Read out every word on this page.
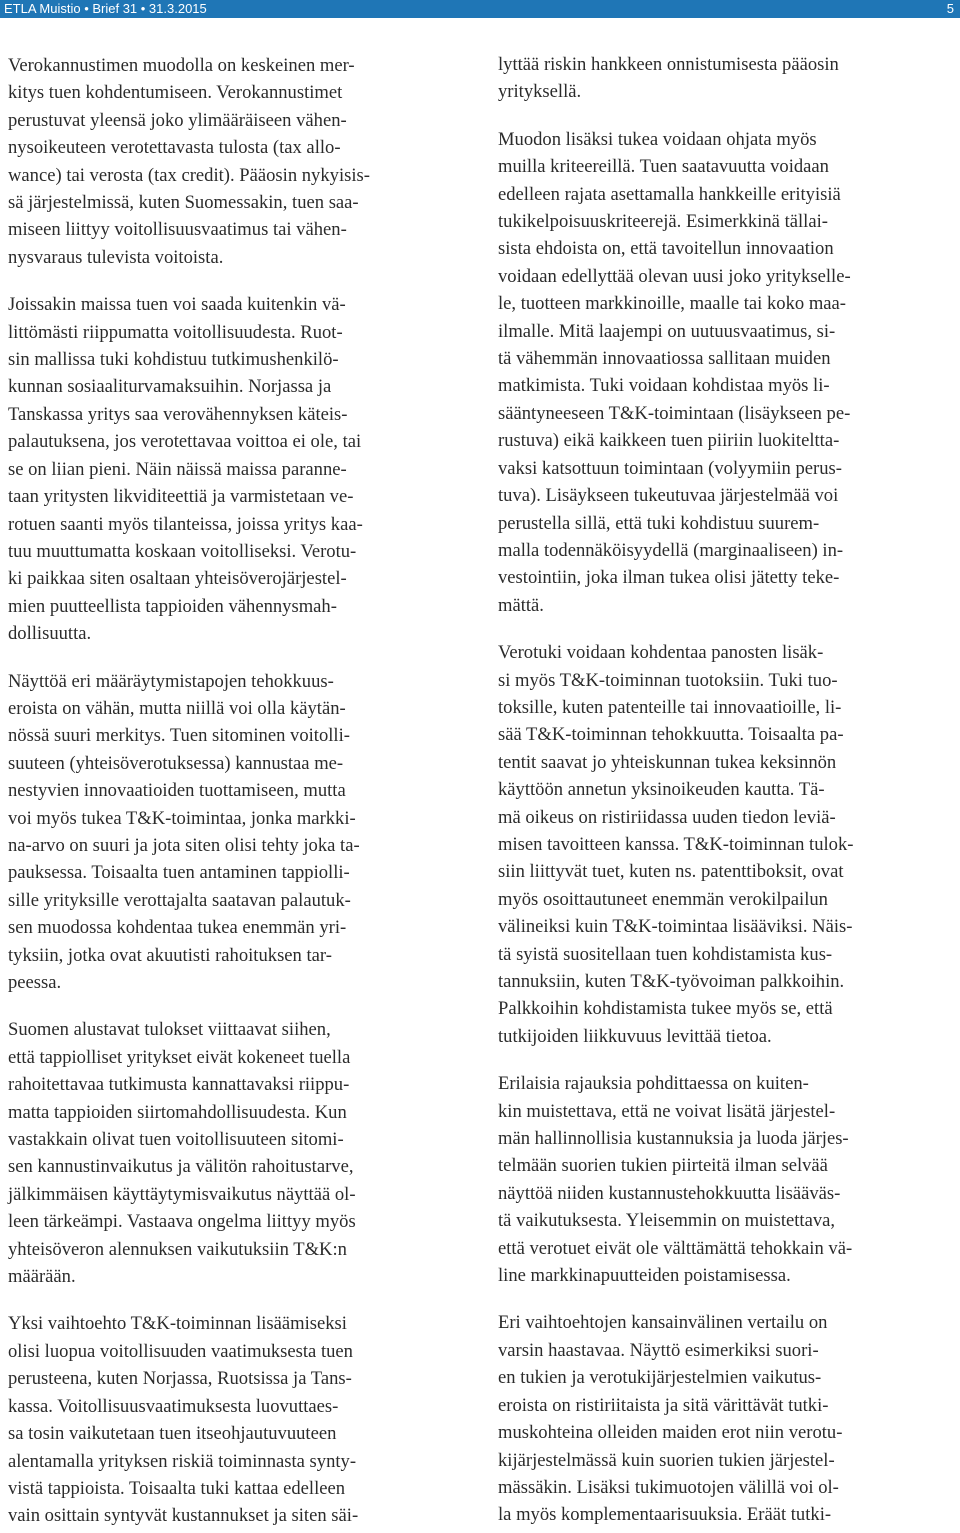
ETLA Muistio • Brief 31 • 31.3.2015	5

Verokannustimen muodolla on keskeinen mer-
kitys tuen kohdentumiseen. Verokannustimet
perustuvat yleensä joko ylimääräiseen vähen-
nysoikeuteen verotettavasta tulosta (tax allo-
wance) tai verosta (tax credit). Pääosin nykyisis-
sä järjestelmissä, kuten Suomessakin, tuen saa-
miseen liittyy voitollisuusvaatimus tai vähen-
nysvaraus tulevista voitoista.

Joissakin maissa tuen voi saada kuitenkin vä-
littömästi riippumatta voitollisuudesta. Ruot-
sin mallissa tuki kohdistuu tutkimushenkilö-
kunnan sosiaaliturvamaksuihin. Norjassa ja
Tanskassa yritys saa verovähennyksen käteis-
palautuksena, jos verotettavaa voittoa ei ole, tai
se on liian pieni. Näin näissä maissa paranne-
taan yritysten likviditeettiä ja varmistetaan ve-
rotuen saanti myös tilanteissa, joissa yritys kaa-
tuu muuttumatta koskaan voitolliseksi. Verotu-
ki paikkaa siten osaltaan yhteisöverojärjestel-
mien puutteellista tappioiden vähennysmah-
dollisuutta.

Näyttöä eri määräytymistapojen tehokkuus-
eroista on vähän, mutta niillä voi olla käytän-
nössä suuri merkitys. Tuen sitominen voitolli-
suuteen (yhteisöverotuksessa) kannustaa me-
nestyvien innovaatioiden tuottamiseen, mutta
voi myös tukea T&K-toimintaa, jonka markki-
na-arvo on suuri ja jota siten olisi tehty joka ta-
pauksessa. Toisaalta tuen antaminen tappiolli-
sille yrityksille verottajalta saatavan palautuk-
sen muodossa kohdentaa tukea enemmän yri-
tyksiin, jotka ovat akuutisti rahoituksen tar-
peessa.

Suomen alustavat tulokset viittaavat siihen,
että tappiolliset yritykset eivät kokeneet tuella
rahoitettavaa tutkimusta kannattavaksi riippu-
matta tappioiden siirtomahdollisuudesta. Kun
vastakkain olivat tuen voitollisuuteen sitomi-
sen kannustinvaikutus ja välitön rahoitustarve,
jälkimmäisen käyttäytymisvaikutus näyttää ol-
leen tärkeämpi. Vastaava ongelma liittyy myös
yhteisöveron alennuksen vaikutuksiin T&K:n
määrään.

Yksi vaihtoehto T&K-toiminnan lisäämiseksi
olisi luopua voitollisuuden vaatimuksesta tuen
perusteena, kuten Norjassa, Ruotsissa ja Tans-
kassa. Voitollisuusvaatimuksesta luovuttaes-
sa tosin vaikutetaan tuen itseohjautuvuuteen
alentamalla yrityksen riskiä toiminnasta synty-
vistä tappioista. Toisaalta tuki kattaa edelleen
vain osittain syntyvät kustannukset ja siten säi-

lyttää riskin hankkeen onnistumisesta pääosin
yrityksellä.

Muodon lisäksi tukea voidaan ohjata myös
muilla kriteereillä. Tuen saatavuutta voidaan
edelleen rajata asettamalla hankkeille erityisiä
tukikelpoisuuskriteerejä. Esimerkkinä tällai-
sista ehdoista on, että tavoitellun innovaation
voidaan edellyttää olevan uusi joko yritykselle-
le, tuotteen markkinoille, maalle tai koko maa-
ilmalle. Mitä laajempi on uutuusvaatimus, si-
tä vähemmän innovaatiossa sallitaan muiden
matkimista. Tuki voidaan kohdistaa myös li-
sääntyneeseen T&K-toimintaan (lisäykseen pe-
rustuva) eikä kaikkeen tuen piiriin luokiteltta-
vaksi katsottuun toimintaan (volyymiin perus-
tuva). Lisäykseen tukeutuvaa järjestelmää voi
perustella sillä, että tuki kohdistuu suurem-
malla todennäköisyydellä (marginaaliseen) in-
vestointiin, joka ilman tukea olisi jätetty teke-
mättä.

Verotuki voidaan kohdentaa panosten lisäk-
si myös T&K-toiminnan tuotoksiin. Tuki tuo-
toksille, kuten patenteille tai innovaatioille, li-
sää T&K-toiminnan tehokkuutta. Toisaalta pa-
tentit saavat jo yhteiskunnan tukea keksinnön
käyttöön annetun yksinoikeuden kautta. Tä-
mä oikeus on ristiriidassa uuden tiedon leviä-
misen tavoitteen kanssa. T&K-toiminnan tulok-
siin liittyvät tuet, kuten ns. patenttiboksit, ovat
myös osoittautuneet enemmän verokilpailun
välineiksi kuin T&K-toimintaa lisääviksi. Näis-
tä syistä suositellaan tuen kohdistamista kus-
tannuksiin, kuten T&K-työvoiman palkkoihin.
Palkkoihin kohdistamista tukee myös se, että
tutkijoiden liikkuvuus levittää tietoa.

Erilaisia rajauksia pohdittaessa on kuiten-
kin muistettava, että ne voivat lisätä järjestel-
män hallinnollisia kustannuksia ja luoda järjes-
telmään suorien tukien piirteitä ilman selvää
näyttöä niiden kustannustehokkuutta lisääväs-
tä vaikutuksesta. Yleisemmin on muistettava,
että verotuet eivät ole välttämättä tehokkain vä-
line markkinapuutteiden poistamisessa.

Eri vaihtoehtojen kansainvälinen vertailu on
varsin haastavaa. Näyttö esimerkiksi suori-
en tukien ja verotukijärjestelmien vaikutus-
eroista on ristiriitaista ja sitä värittävät tutki-
muskohteina olleiden maiden erot niin verotu-
kijärjestelmässä kuin suorien tukien järjestel-
mässäkin. Lisäksi tukimuotojen välillä voi ol-
la myös komplementaarisuuksia. Eräät tutki-
